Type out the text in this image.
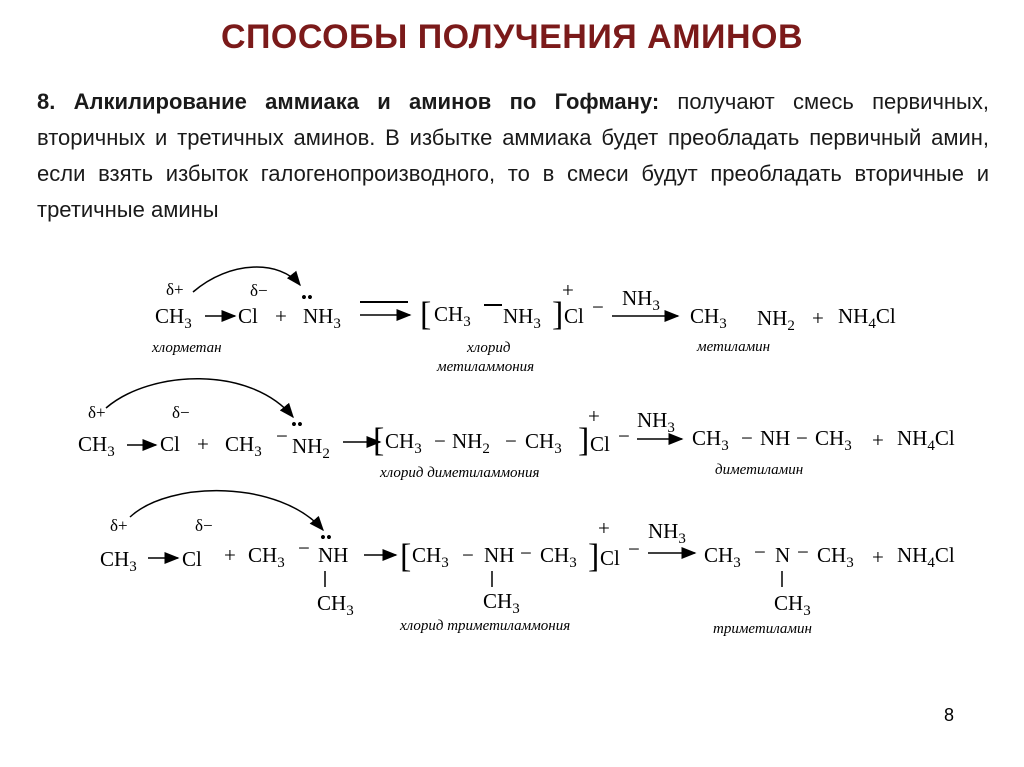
СПОСОБЫ ПОЛУЧЕНИЯ АМИНОВ
8. Алкилирование аммиака и аминов по Гофману: получают смесь первичных, вторичных и третичных аминов. В избытке аммиака будет преобладать первичный амин, если взять избыток галогенопроизводного, то в смеси будут преобладать вторичные и третичные амины
δ+	δ−
$CH_3$ Cl +
••
$NH_3$ [ $CH_3$ $NH_3$ ]
+
$Cl - NH_3$ $CH_3$ $NH_2 + NH_4Cl$
хлорметан	хлорид
метиламмония
метиламин
δ+	δ−
$CH_3$ $Cl + CH_3$
− ••
$NH_2$ [ $CH_3 - NH_2 - CH_3$ ]
+
Cl −
$NH_3$ $CH_3$ − NH − $CH_3 + NH_4Cl$
хлорид диметиламмония	диметиламин
δ+	δ−
$CH_3$ $Cl + CH_3$
− ••
NH
$CH_3$
[ $CH_3$ − NH − $CH_3$
$CH_3$
]
+
Cl −
$NH_3$
$CH_3 - N - CH_3 + NH_4Cl$
$CH_3$
хлорид триметиламмония	триметиламин
8
